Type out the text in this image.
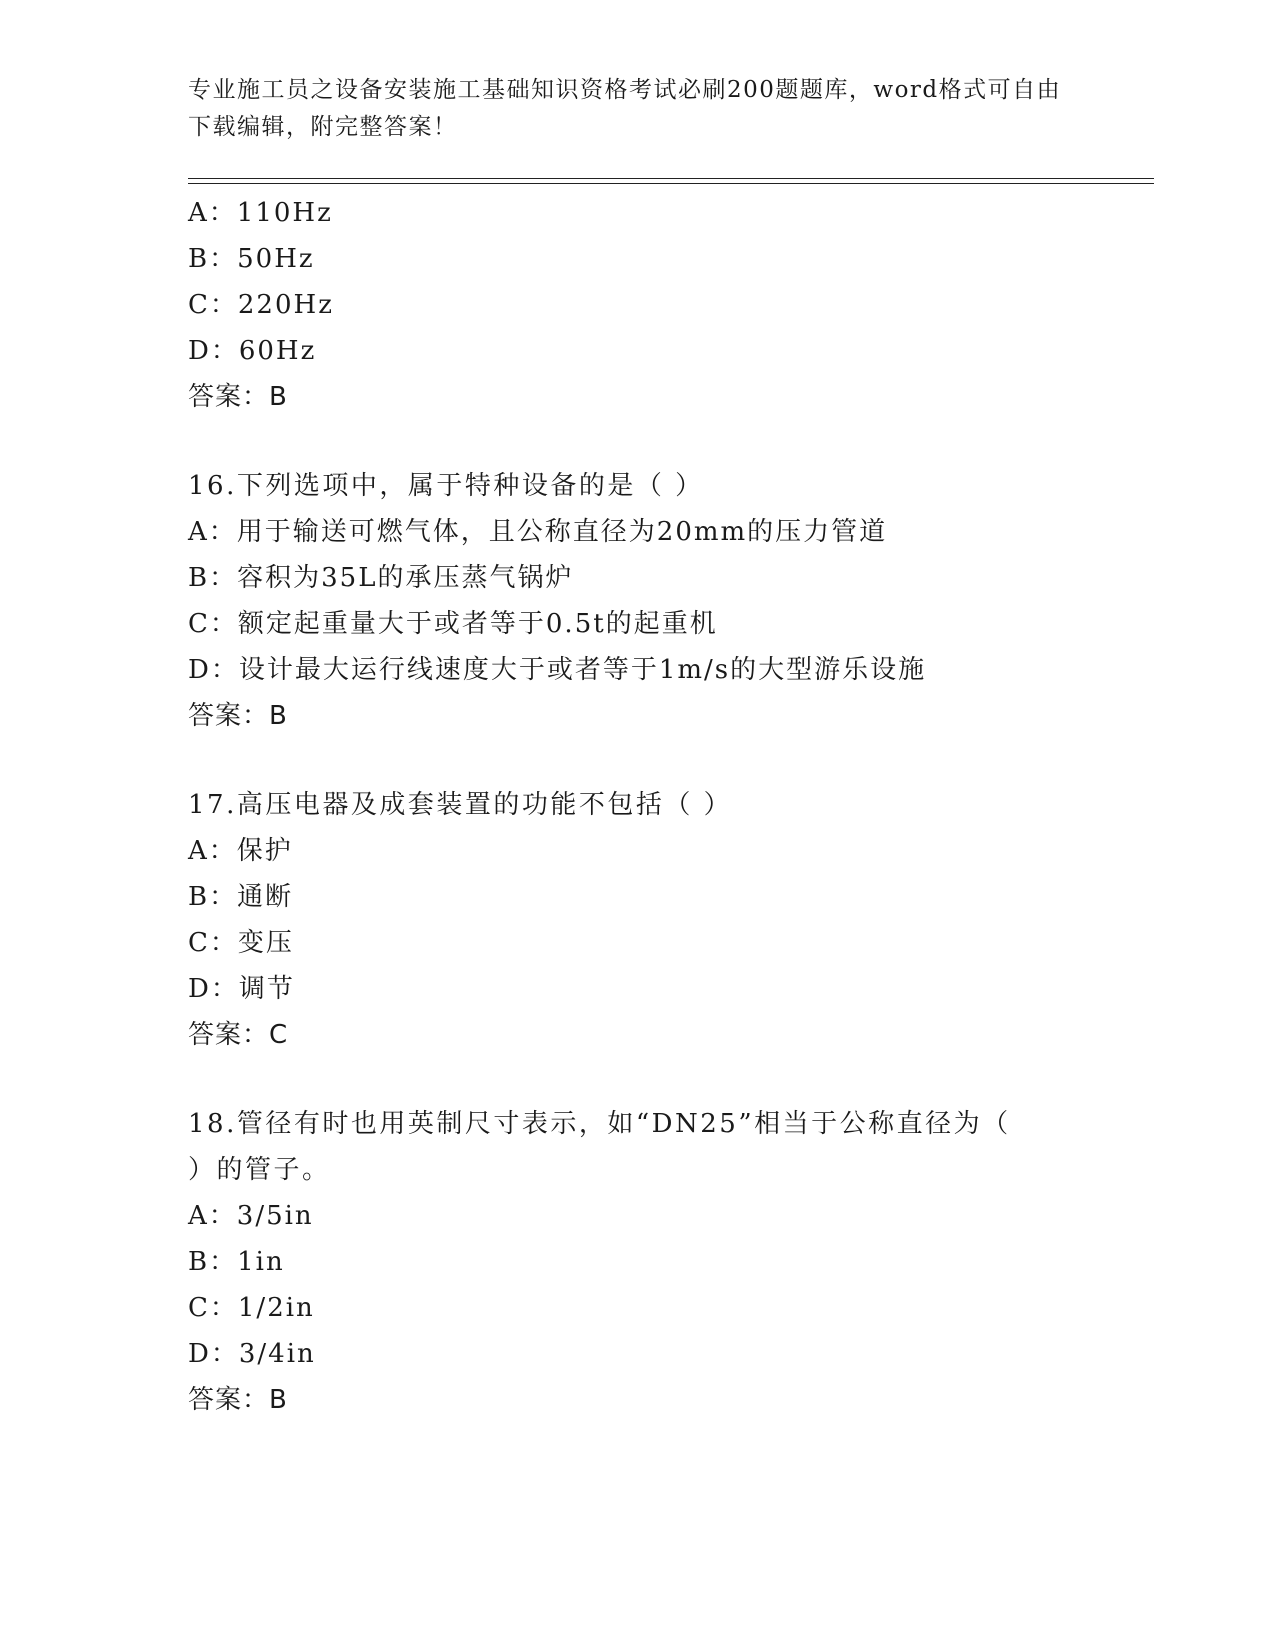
专业施工员之设备安装施工基础知识资格考试必刷200题题库，word格式可自由下载编辑，附完整答案！
A：110Hz
B：50Hz
C：220Hz
D：60Hz
答案：B
16.下列选项中，属于特种设备的是（ ）
A：用于输送可燃气体，且公称直径为20mm的压力管道
B：容积为35L的承压蒸气锅炉
C：额定起重量大于或者等于0.5t的起重机
D：设计最大运行线速度大于或者等于1m/s的大型游乐设施
答案：B
17.高压电器及成套装置的功能不包括（ ）
A：保护
B：通断
C：变压
D：调节
答案：C
18.管径有时也用英制尺寸表示，如“DN25”相当于公称直径为（ ）的管子。
A：3/5in
B：1in
C：1/2in
D：3/4in
答案：B
